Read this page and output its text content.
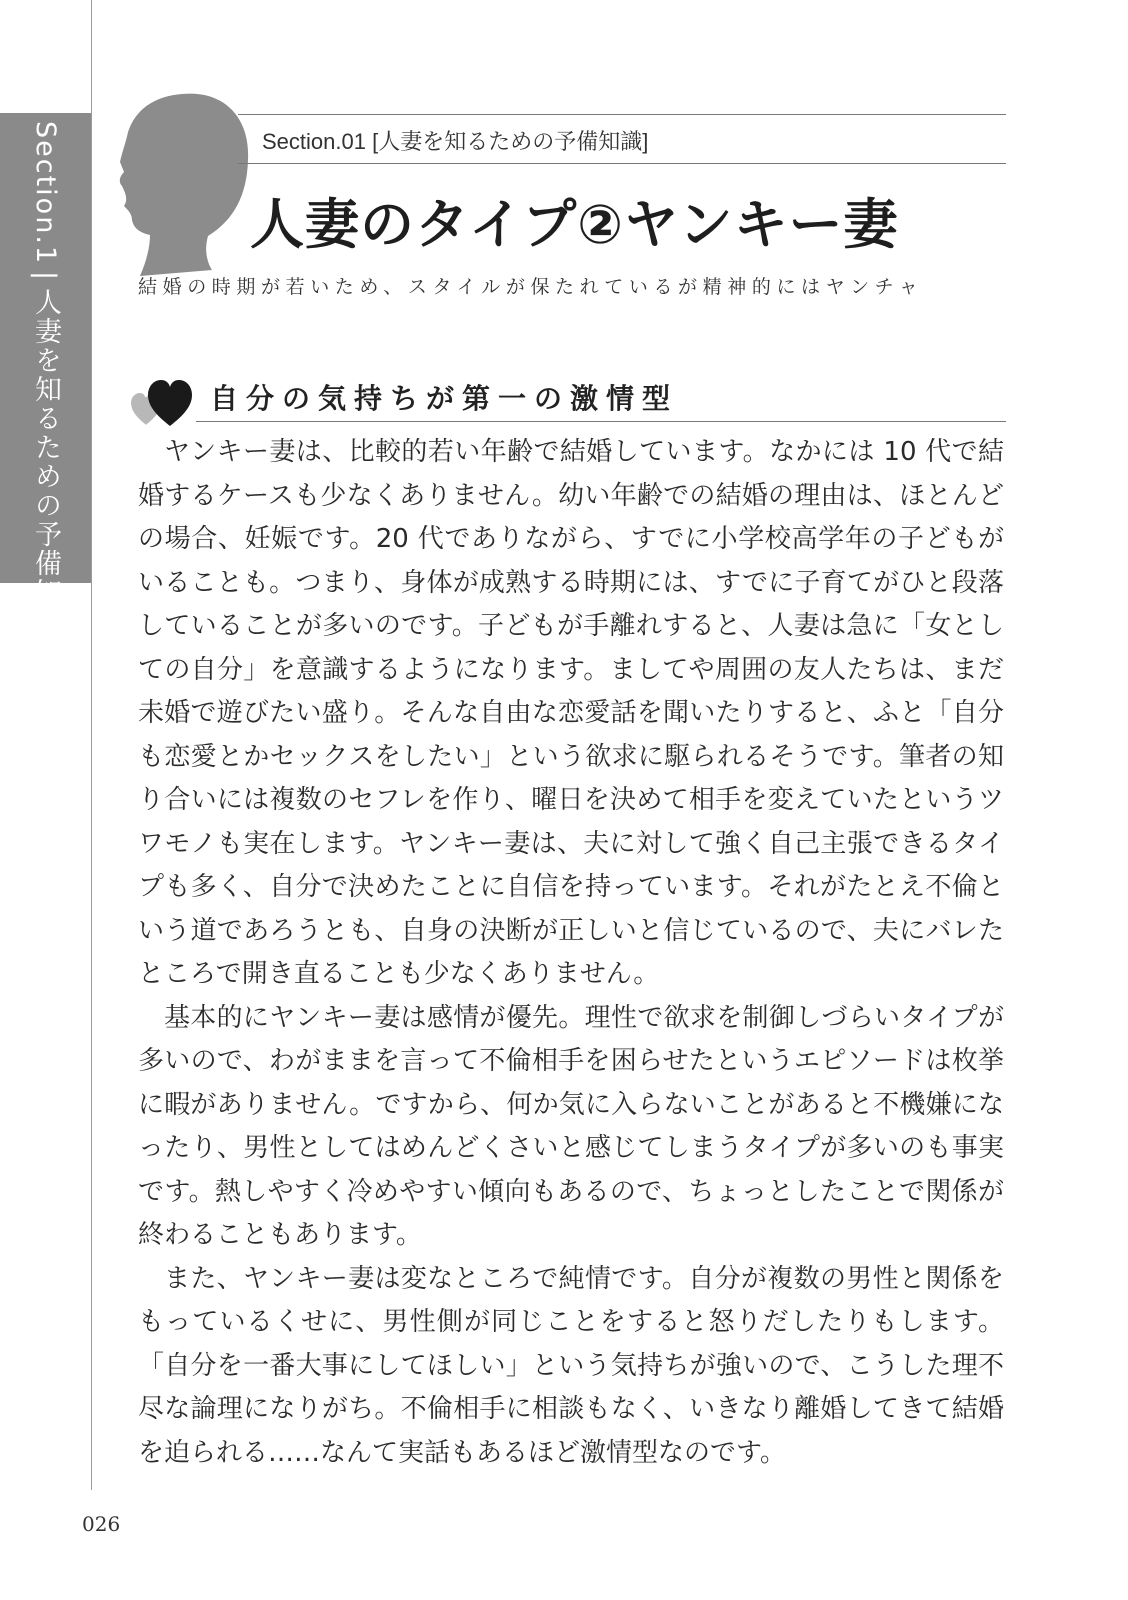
Section.1|人妻を知るための予備知識
Section.01 [人妻を知るための予備知識]
人妻のタイプ②ヤンキー妻
結婚の時期が若いため、スタイルが保たれているが精神的にはヤンチャ
自分の気持ちが第一の激情型

ヤンキー妻は、比較的若い年齢で結婚しています。なかには 10 代で結婚するケースも少なくありません。幼い年齢での結婚の理由は、ほとんどの場合、妊娠です。20 代でありながら、すでに小学校高学年の子どもがいることも。つまり、身体が成熟する時期には、すでに子育てがひと段落していることが多いのです。子どもが手離れすると、人妻は急に「女としての自分」を意識するようになります。ましてや周囲の友人たちは、まだ未婚で遊びたい盛り。そんな自由な恋愛話を聞いたりすると、ふと「自分も恋愛とかセックスをしたい」という欲求に駆られるそうです。筆者の知り合いには複数のセフレを作り、曜日を決めて相手を変えていたというツワモノも実在します。ヤンキー妻は、夫に対して強く自己主張できるタイプも多く、自分で決めたことに自信を持っています。それがたとえ不倫という道であろうとも、自身の決断が正しいと信じているので、夫にバレたところで開き直ることも少なくありません。

基本的にヤンキー妻は感情が優先。理性で欲求を制御しづらいタイプが多いので、わがままを言って不倫相手を困らせたというエピソードは枚挙に暇がありません。ですから、何か気に入らないことがあると不機嫌になったり、男性としてはめんどくさいと感じてしまうタイプが多いのも事実です。熱しやすく冷めやすい傾向もあるので、ちょっとしたことで関係が終わることもあります。

また、ヤンキー妻は変なところで純情です。自分が複数の男性と関係をもっているくせに、男性側が同じことをすると怒りだしたりもします。「自分を一番大事にしてほしい」という気持ちが強いので、こうした理不尽な論理になりがち。不倫相手に相談もなく、いきなり離婚してきて結婚を迫られる……なんて実話もあるほど激情型なのです。

026
